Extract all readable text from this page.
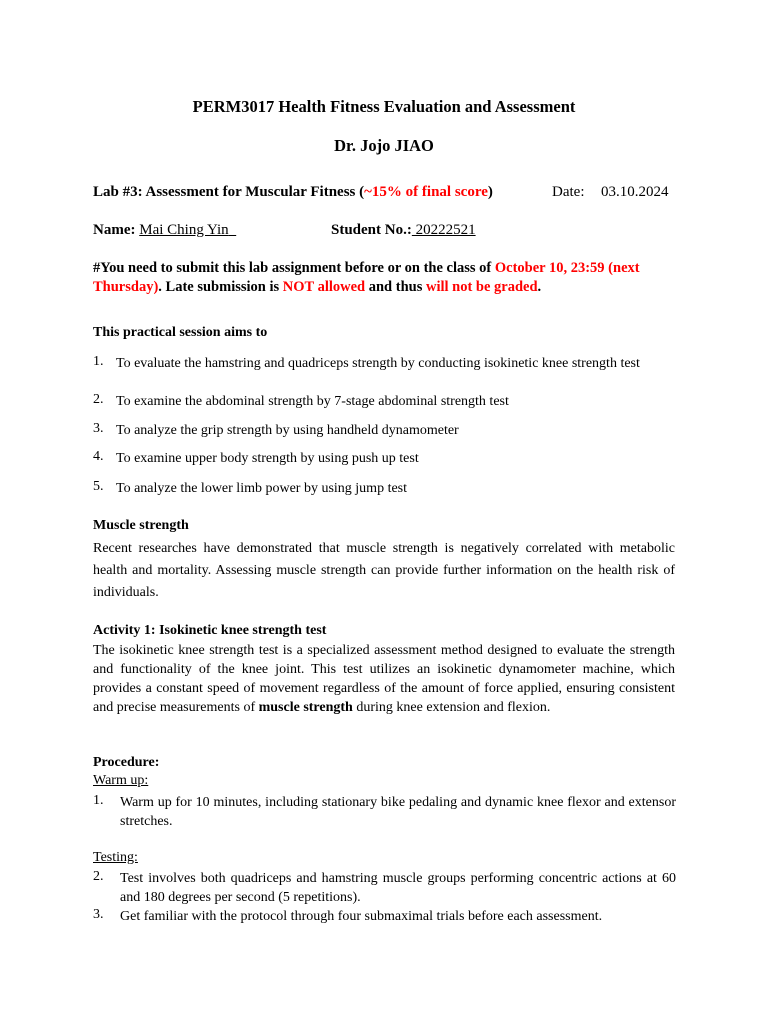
PERM3017 Health Fitness Evaluation and Assessment
Dr. Jojo JIAO
Lab #3: Assessment for Muscular Fitness (~15% of final score)	Date: 03.10.2024
Name: Mai Ching Yin	Student No.: 20222521
#You need to submit this lab assignment before or on the class of October 10, 23:59 (next
Thursday). Late submission is NOT allowed and thus will not be graded.
This practical session aims to
1. To evaluate the hamstring and quadriceps strength by conducting isokinetic knee strength test
2. To examine the abdominal strength by 7-stage abdominal strength test
3. To analyze the grip strength by using handheld dynamometer
4. To examine upper body strength by using push up test
5. To analyze the lower limb power by using jump test
Muscle strength
Recent researches have demonstrated that muscle strength is negatively correlated with metabolic health and mortality. Assessing muscle strength can provide further information on the health risk of individuals.
Activity 1: Isokinetic knee strength test
The isokinetic knee strength test is a specialized assessment method designed to evaluate the strength and functionality of the knee joint. This test utilizes an isokinetic dynamometer machine, which provides a constant speed of movement regardless of the amount of force applied, ensuring consistent and precise measurements of muscle strength during knee extension and flexion.
Procedure:
Warm up:
1. Warm up for 10 minutes, including stationary bike pedaling and dynamic knee flexor and extensor stretches.
Testing:
2. Test involves both quadriceps and hamstring muscle groups performing concentric actions at 60 and 180 degrees per second (5 repetitions).
3. Get familiar with the protocol through four submaximal trials before each assessment.
